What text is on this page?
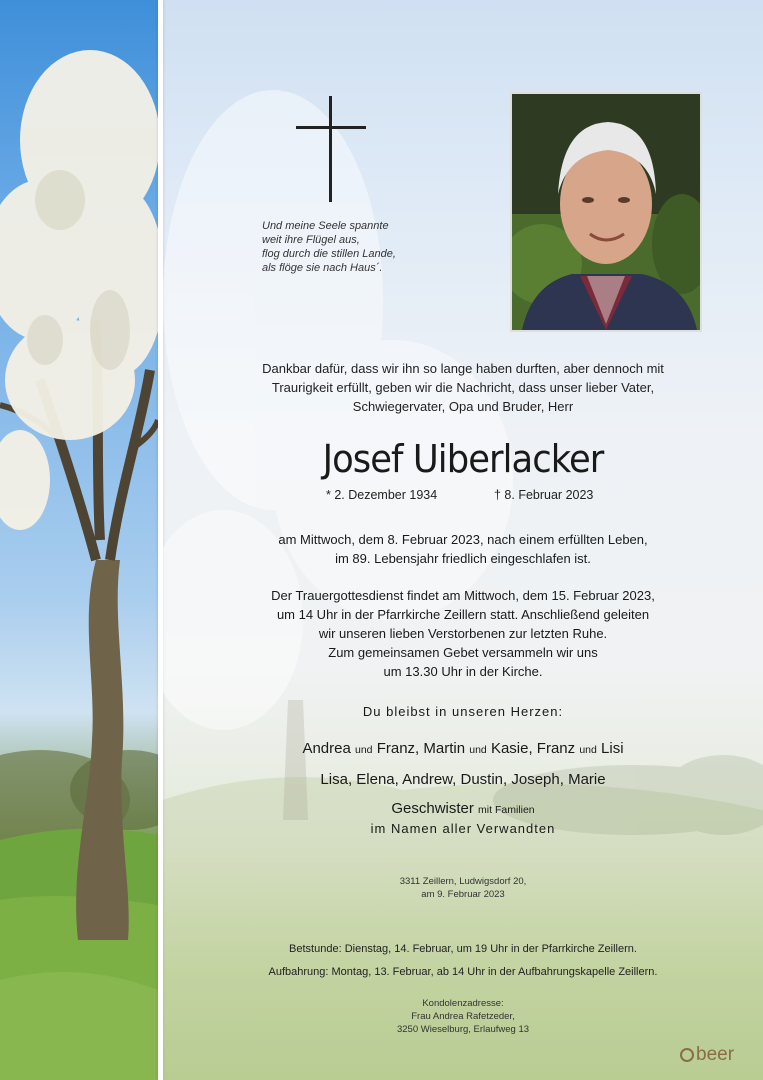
Und meine Seele spannte
weit ihre Flügel aus,
flog durch die stillen Lande,
als flöge sie nach Haus´.
Dankbar dafür, dass wir ihn so lange haben durften, aber dennoch mit
Traurigkeit erfüllt, geben wir die Nachricht, dass unser lieber Vater,
Schwiegervater, Opa und Bruder, Herr
Josef Uiberlacker
* 2. Dezember 1934	† 8. Februar 2023
am Mittwoch, dem 8. Februar 2023, nach einem erfüllten Leben,
im 89. Lebensjahr friedlich eingeschlafen ist.
Der Trauergottesdienst findet am Mittwoch, dem 15. Februar 2023,
um 14 Uhr in der Pfarrkirche Zeillern statt. Anschließend geleiten
wir unseren lieben Verstorbenen zur letzten Ruhe.
Zum gemeinsamen Gebet versammeln wir uns
um 13.30 Uhr in der Kirche.
Du bleibst in unseren Herzen:
Andrea und Franz, Martin und Kasie, Franz und Lisi
Lisa, Elena, Andrew, Dustin, Joseph, Marie
Geschwister mit Familien
im Namen aller Verwandten
3311 Zeillern, Ludwigsdorf 20,
am 9. Februar 2023
Betstunde: Dienstag, 14. Februar, um 19 Uhr in der Pfarrkirche Zeillern.
Aufbahrung: Montag, 13. Februar, ab 14 Uhr in der Aufbahrungskapelle Zeillern.
Kondolenzadresse:
Frau Andrea Rafetzeder,
3250 Wieselburg, Erlaufweg 13
beer
